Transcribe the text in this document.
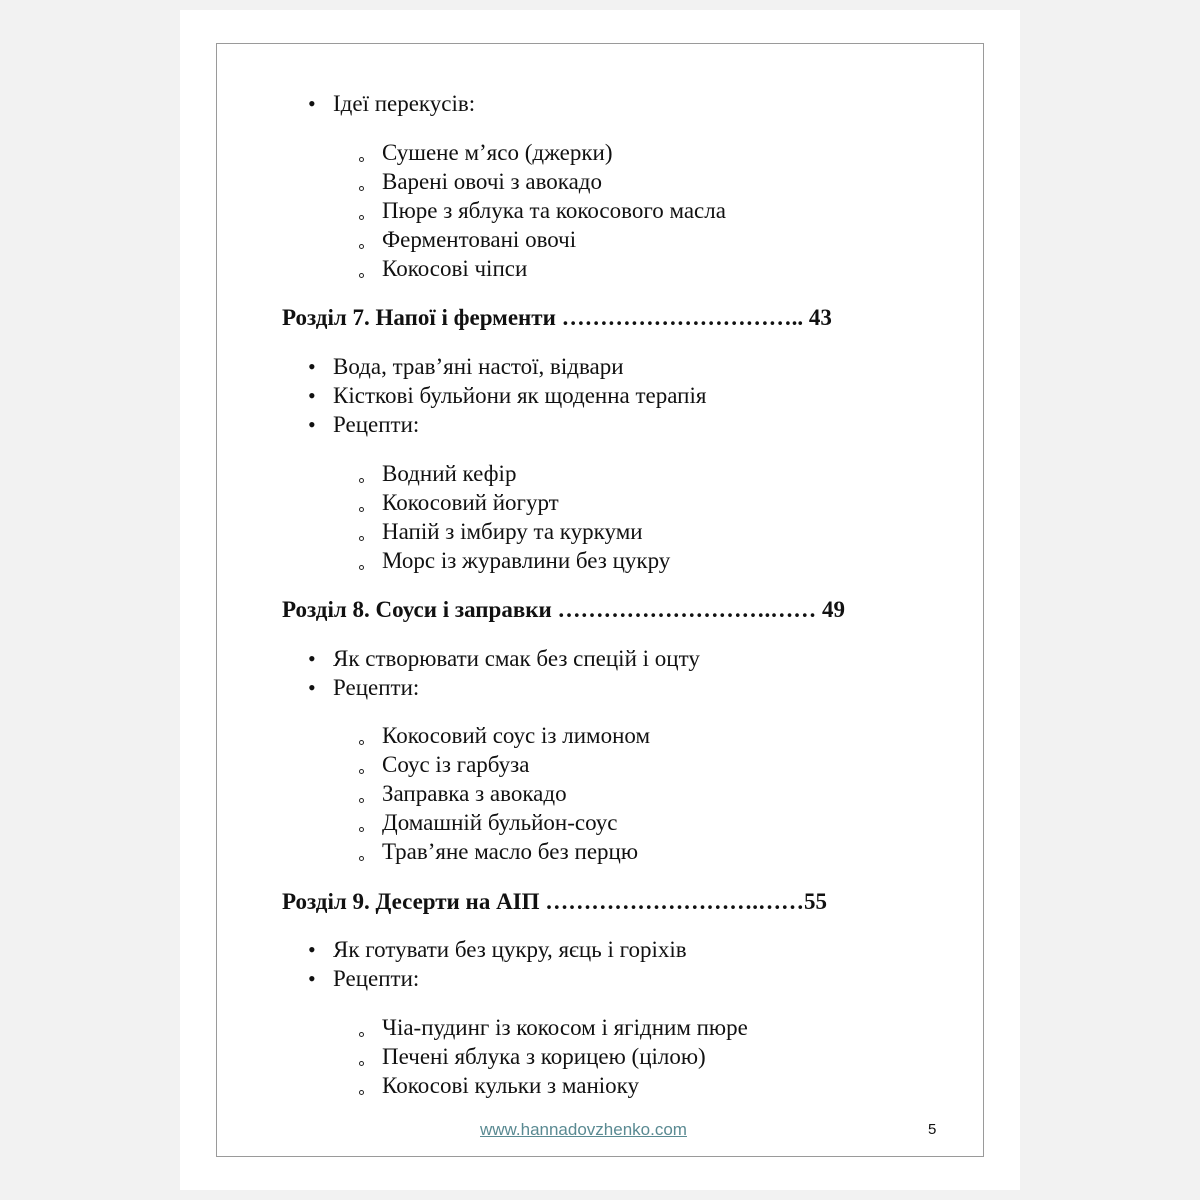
• Ідеї перекусів:
Сушене м’ясо (джерки)
Варені овочі з авокадо
Пюре з яблука та кокосового масла
Ферментовані овочі
Кокосові чіпси
Розділ 7. Напої і ферменти ………………………….. 43
• Вода, трав’яні настої, відвари
• Кісткові бульйони як щоденна терапія
• Рецепти:
Водний кефір
Кокосовий йогурт
Напій з імбиру та куркуми
Морс із журавлини без цукру
Розділ 8. Соуси і заправки ……………………….…… 49
• Як створювати смак без спецій і оцту
• Рецепти:
Кокосовий соус із лимоном
Соус із гарбуза
Заправка з авокадо
Домашній бульйон-соус
Трав’яне масло без перцю
Розділ 9. Десерти на АІП ……………………….……55
• Як готувати без цукру, яєць і горіхів
• Рецепти:
Чіа-пудинг із кокосом і ягідним пюре
Печені яблука з корицею (цілою)
Кокосові кульки з маніоку
www.hannadovzhenko.com	5
